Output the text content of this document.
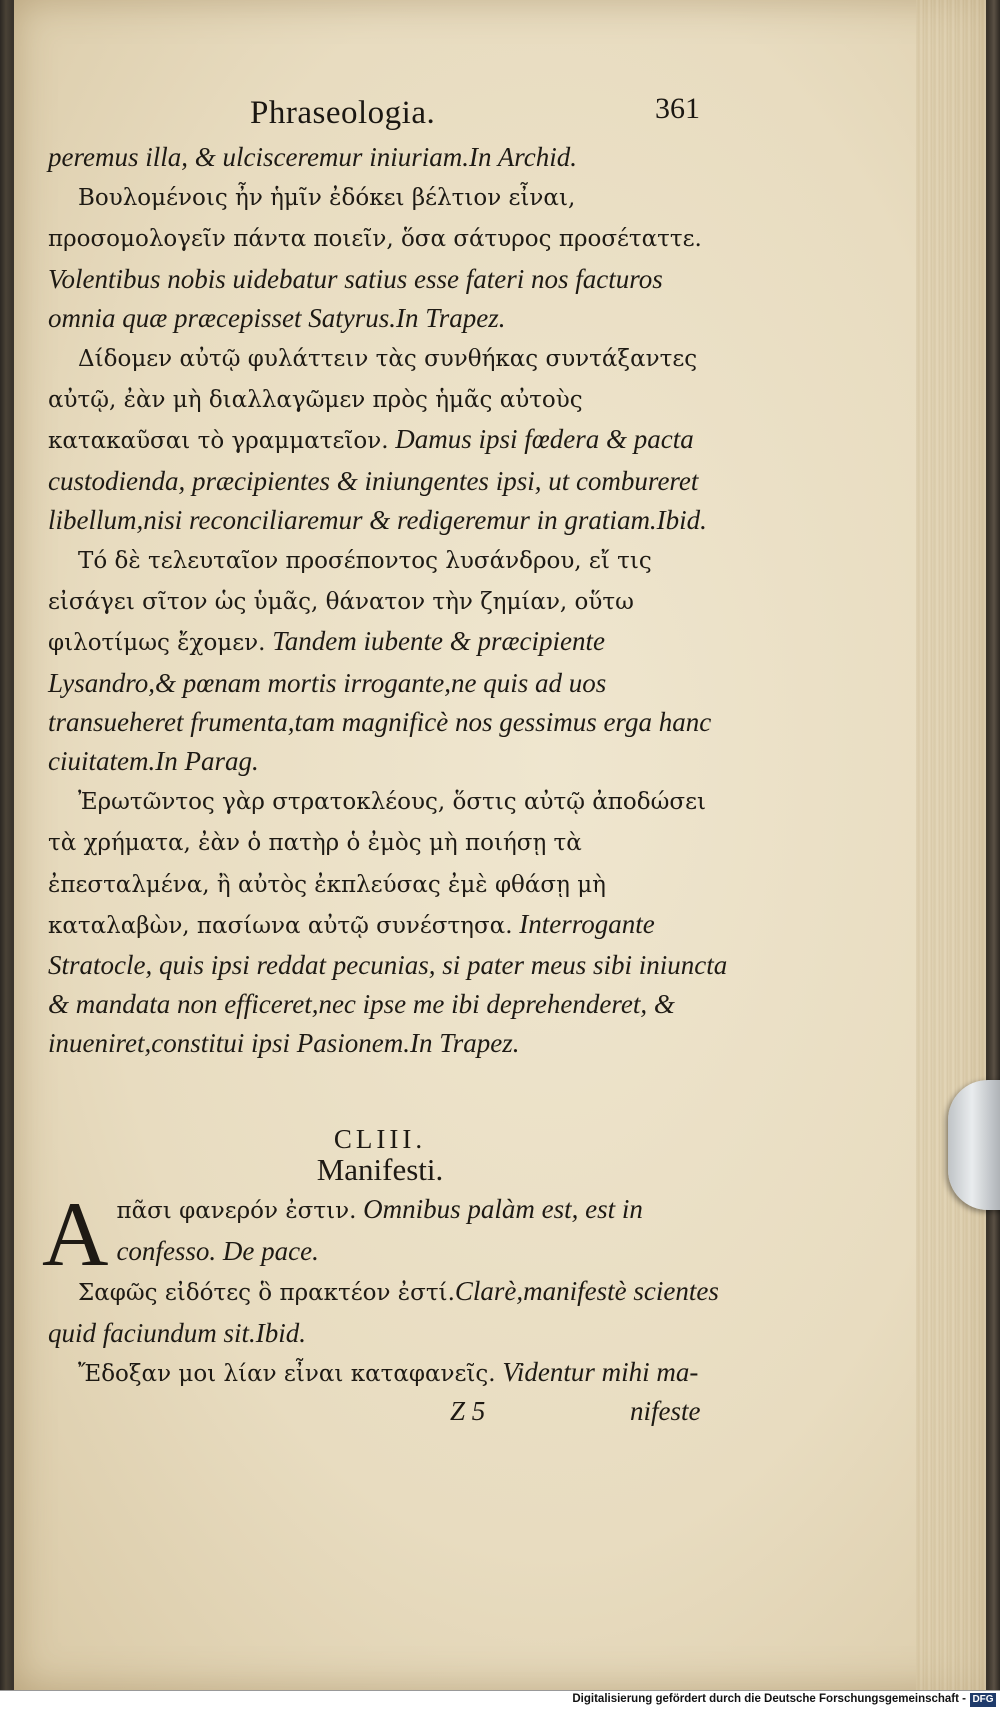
Phraseologia.	361

peremus illa, & ulcisceremur iniuriam.In Archid.

Βουλομένοις ἦν ἡμῖν ἐδόκει βέλτιον εἶναι, προσομολογεῖν πάντα ποιεῖν, ὅσα σάτυρος προσέταττε. Volentibus nobis uidebatur satius esse fateri nos facturos omnia quæ præcepisset Satyrus.In Trapez.

Δίδομεν αὐτῷ φυλάττειν τὰς συνθήκας συντάξαντες αὐτῷ, ἐὰν μὴ διαλλαγῶμεν πρὸς ἡμᾶς αὐτοὺς κατακαῦσαι τὸ γραμματεῖον. Damus ipsi fœdera & pacta custodienda, præcipientes & iniungentes ipsi, ut combureret libellum,nisi reconciliaremur & redigeremur in gratiam.Ibid.

Τό δὲ τελευταῖον προσέποντος λυσάνδρου, εἴ τις εἰσάγει σῖτον ὡς ὑμᾶς, θάνατον τὴν ζημίαν, οὕτω φιλοτίμως ἔχομεν. Tandem iubente & præcipiente Lysandro,& pœnam mortis irrogante,ne quis ad uos transueheret frumenta,tam magnificè nos gessimus erga hanc ciuitatem.In Parag.

Ἐρωτῶντος γὰρ στρατοκλέους, ὅστις αὐτῷ ἀποδώσει τὰ χρήματα, ἐὰν ὁ πατὴρ ὁ ἐμὸς μὴ ποιήσῃ τὰ ἐπεσταλμένα, ἢ αὐτὸς ἐκπλεύσας ἐμὲ φθάσῃ μὴ καταλαβὼν, πασίωνα αὐτῷ συνέστησα. Interrogante Stratocle, quis ipsi reddat pecunias, si pater meus sibi iniuncta & mandata non efficeret,nec ipse me ibi deprehenderet, & inueniret,constitui ipsi Pasionem.In Trapez.

CLIII.
Manifesti.

Aπᾶσι φανερόν ἐστιν. Omnibus palàm est, est in confesso. De pace.

Σαφῶς εἰδότες ὃ πρακτέον ἐστί.Clarè,manifestè scientes quid faciundum sit.Ibid.

Ἔδοξαν μοι λίαν εἶναι καταφανεῖς. Videntur mihi ma-

Z 5	nifeste
Digitalisierung gefördert durch die Deutsche Forschungsgemeinschaft - DFG
